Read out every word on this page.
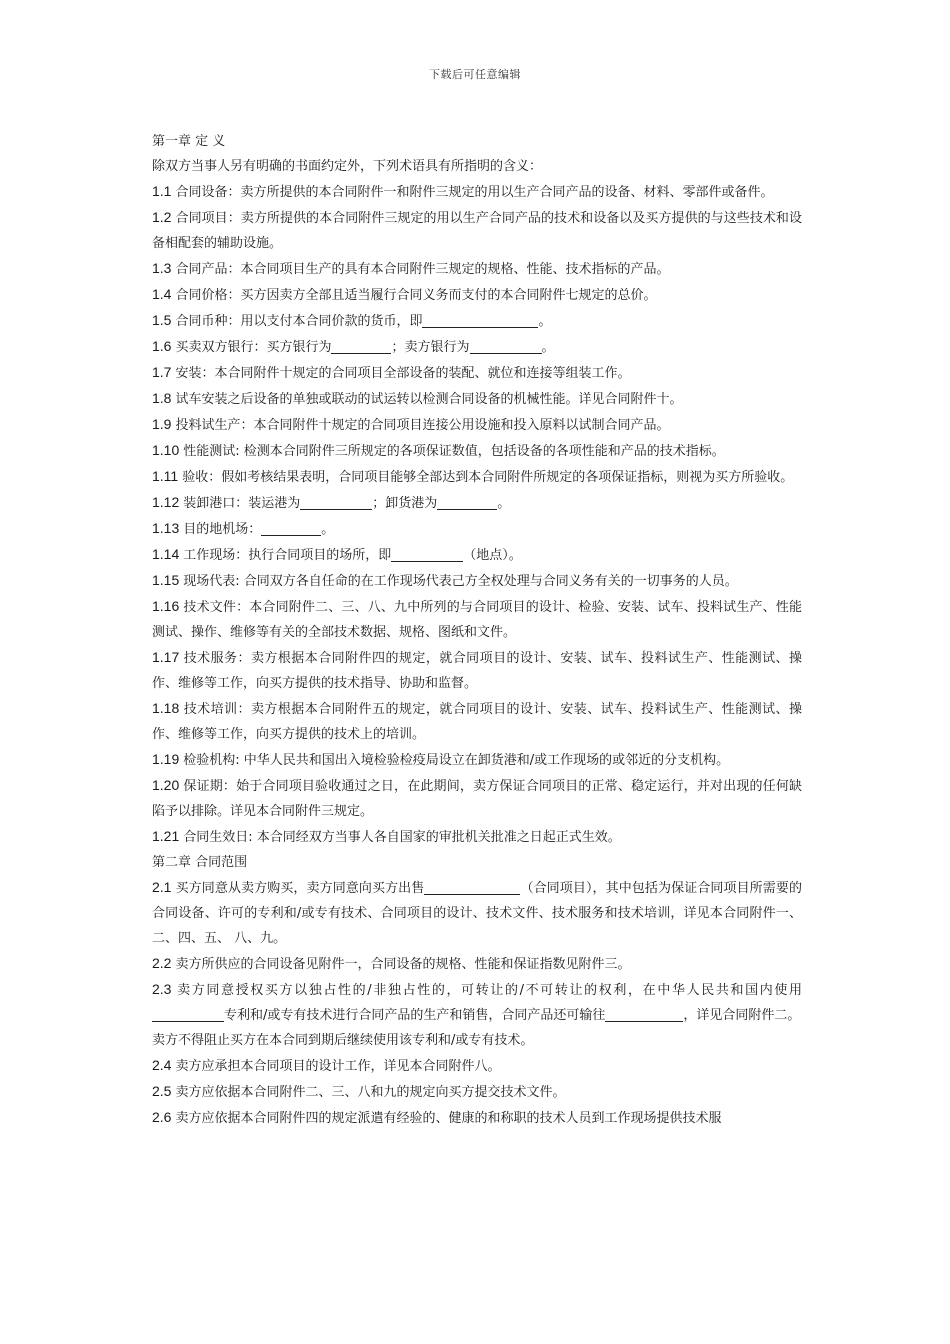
下载后可任意编辑

第一章 定 义

除双方当事人另有明确的书面约定外，下列术语具有所指明的含义：

1.1 合同设备：卖方所提供的本合同附件一和附件三规定的用以生产合同产品的设备、材料、零部件或备件。

1.2 合同项目：卖方所提供的本合同附件三规定的用以生产合同产品的技术和设备以及买方提供的与这些技术和设备相配套的辅助设施。

1.3 合同产品：本合同项目生产的具有本合同附件三规定的规格、性能、技术指标的产品。

1.4 合同价格：买方因卖方全部且适当履行合同义务而支付的本合同附件七规定的总价。

1.5 合同币种：用以支付本合同价款的货币，即	。

1.6 买卖双方银行：买方银行为	；卖方银行为	。

1.7 安装：本合同附件十规定的合同项目全部设备的装配、就位和连接等组装工作。

1.8 试车安装之后设备的单独或联动的试运转以检测合同设备的机械性能。详见合同附件十。

1.9 投料试生产：本合同附件十规定的合同项目连接公用设施和投入原料以试制合同产品。

1.10 性能测试: 检测本合同附件三所规定的各项保证数值，包括设备的各项性能和产品的技术指标。

1.11 验收：假如考核结果表明，合同项目能够全部达到本合同附件所规定的各项保证指标，则视为买方所验收。

1.12 装卸港口：装运港为	；卸货港为	。

1.13 目的地机场：	。

1.14 工作现场：执行合同项目的场所，即	（地点）。

1.15 现场代表: 合同双方各自任命的在工作现场代表己方全权处理与合同义务有关的一切事务的人员。

1.16 技术文件：本合同附件二、三、八、九中所列的与合同项目的设计、检验、安装、试车、投料试生产、性能测试、操作、维修等有关的全部技术数据、规格、图纸和文件。

1.17 技术服务：卖方根据本合同附件四的规定，就合同项目的设计、安装、试车、投料试生产、性能测试、操作、维修等工作，向买方提供的技术指导、协助和监督。

1.18 技术培训：卖方根据本合同附件五的规定，就合同项目的设计、安装、试车、投料试生产、性能测试、操作、维修等工作，向买方提供的技术上的培训。

1.19 检验机构: 中华人民共和国出入境检验检疫局设立在卸货港和/或工作现场的或邻近的分支机构。

1.20 保证期：始于合同项目验收通过之日，在此期间，卖方保证合同项目的正常、稳定运行，并对出现的任何缺陷予以排除。详见本合同附件三规定。

1.21 合同生效日: 本合同经双方当事人各自国家的审批机关批准之日起正式生效。

第二章 合同范围

2.1 买方同意从卖方购买，卖方同意向买方出售	（合同项目），其中包括为保证合同项目所需要的合同设备、许可的专利和/或专有技术、合同项目的设计、技术文件、技术服务和技术培训，详见本合同附件一、二、四、五、 八、九。

2.2 卖方所供应的合同设备见附件一，合同设备的规格、性能和保证指数见附件三。

2.3 卖方同意授权买方以独占性的/非独占性的，可转让的/不可转让的权利，在中华人民共和国内使用专利和/或专有技术进行合同产品的生产和销售，合同产品还可输往	，详见合同附件二。

卖方不得阻止买方在本合同到期后继续使用该专利和/或专有技术。

2.4 卖方应承担本合同项目的设计工作，详见本合同附件八。

2.5 卖方应依据本合同附件二、三、八和九的规定向买方提交技术文件。

2.6 卖方应依据本合同附件四的规定派遣有经验的、健康的和称职的技术人员到工作现场提供技术服
